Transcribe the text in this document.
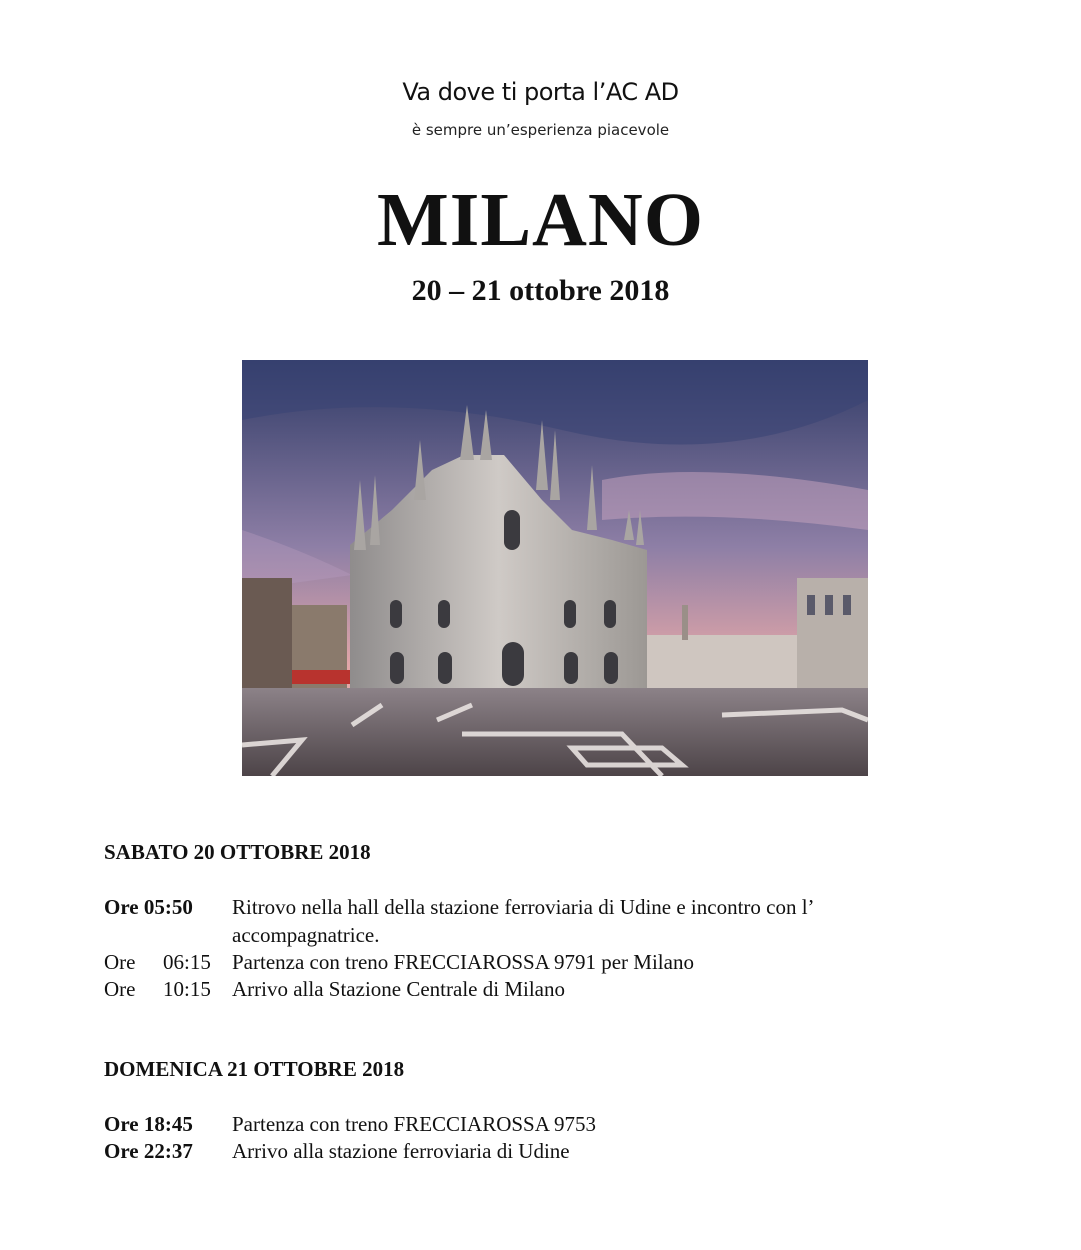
Va dove ti porta l’AC AD
è sempre un’esperienza piacevole
MILANO
20 – 21 ottobre 2018
SABATO 20 OTTOBRE 2018
Ore 05:50	Ritrovo nella hall della stazione ferroviaria di Udine e incontro con l’
accompagnatrice.
Ore 06:15 Partenza con treno FRECCIAROSSA 9791 per Milano
Ore 10:15 Arrivo alla Stazione Centrale di Milano
DOMENICA 21 OTTOBRE 2018
Ore 18:45	Partenza con treno FRECCIAROSSA 9753
Ore 22:37	Arrivo alla stazione ferroviaria di Udine
